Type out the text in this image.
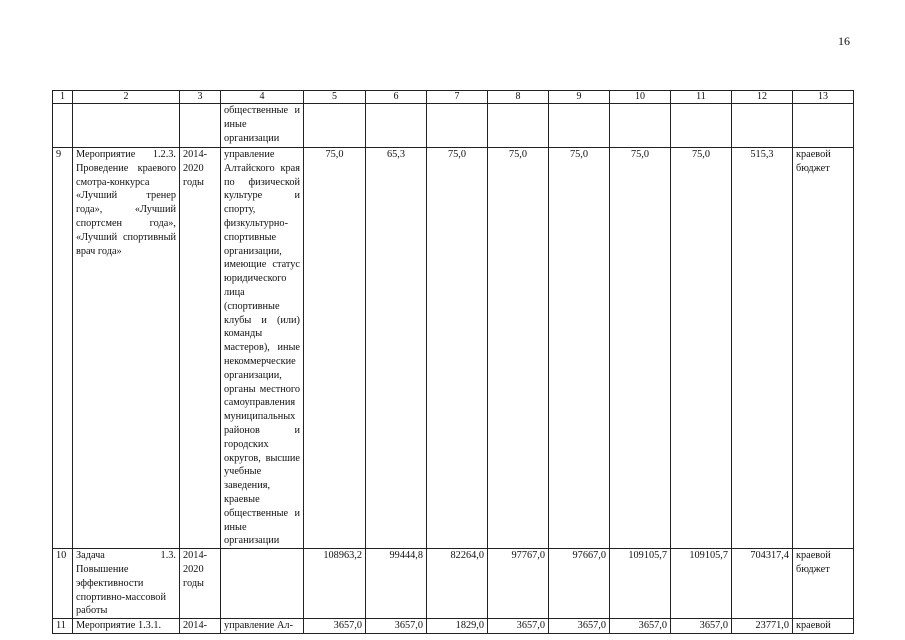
16
1	2	3	4	5	6	7	8	9	10	11	12	13
			общественные и иные организации									
9	Мероприятие 1.2.3. Проведение краевого смотра-конкурса «Лучший тренер года», «Лучший спортсмен года», «Лучший спортивный врач года»	2014-2020 годы	управление Алтайского края по физической культуре и спорту, физкультурно-спортивные организации, имеющие статус юридического лица (спортивные клубы и (или) команды мастеров), иные некоммерческие организации, органы местного самоуправления муниципальных районов и городских округов, высшие учебные заведения, краевые общественные и иные организации	75,0	65,3	75,0	75,0	75,0	75,0	75,0	515,3	краевой бюджет
10	Задача 1.3. Повышение эффективности спортивно-массовой работы	2014-2020 годы		108963,2	99444,8	82264,0	97767,0	97667,0	109105,7	109105,7	704317,4	краевой бюджет
11	Мероприятие 1.3.1.	2014-	управление Ал-	3657,0	3657,0	1829,0	3657,0	3657,0	3657,0	3657,0	23771,0	краевой
